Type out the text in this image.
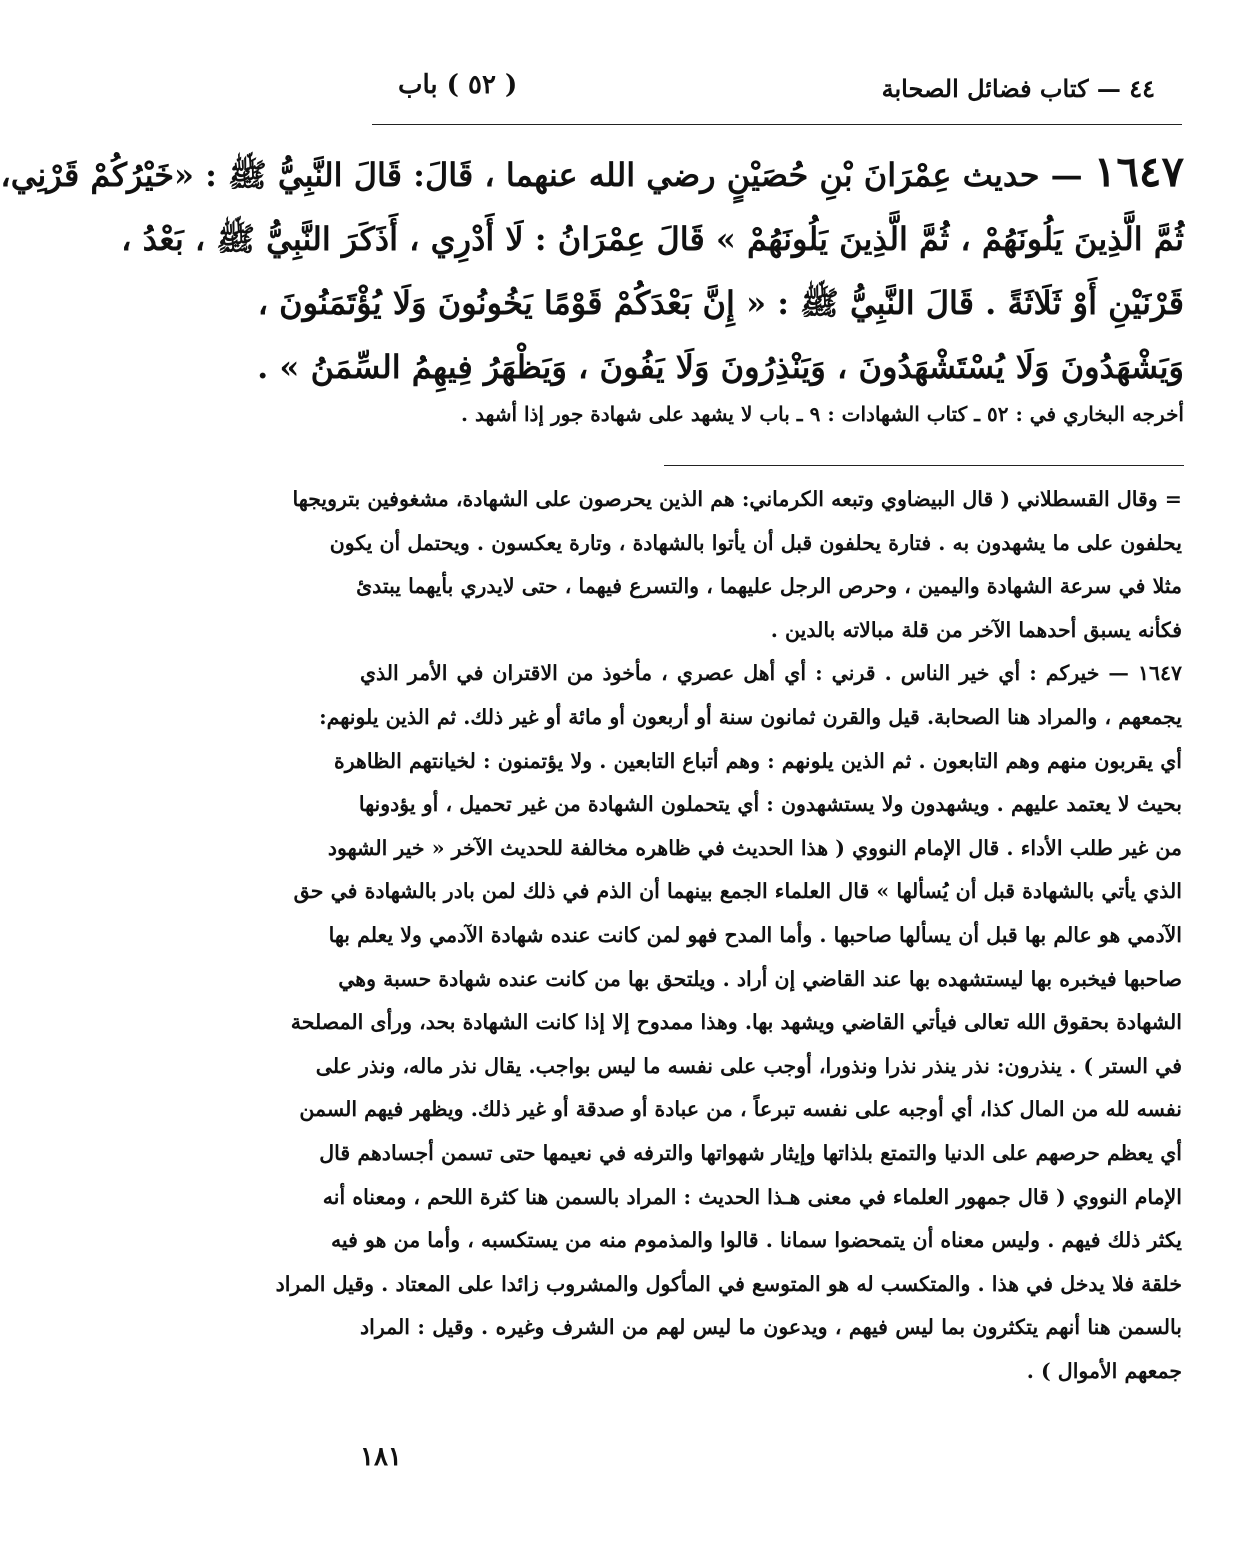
٤٤ — كتاب فضائل الصحابة
( ٥٢ ) باب
١٦٤٧ — حديث عِمْرَانَ بْنِ حُصَيْنٍ رضي الله عنهما ، قَالَ: قَالَ النَّبِيُّ ﷺ : «خَيْرُكُمْ قَرْنِي،
ثُمَّ الَّذِينَ يَلُونَهُمْ ، ثُمَّ الَّذِينَ يَلُونَهُمْ » قَالَ عِمْرَانُ : لَا أَدْرِي ، أَذَكَرَ النَّبِيُّ ﷺ ، بَعْدُ ،
قَرْنَيْنِ أَوْ ثَلَاثَةً . قَالَ النَّبِيُّ ﷺ : « إِنَّ بَعْدَكُمْ قَوْمًا يَخُونُونَ وَلَا يُؤْتَمَنُونَ ،
وَيَشْهَدُونَ وَلَا يُسْتَشْهَدُونَ ، وَيَنْذِرُونَ وَلَا يَفُونَ ، وَيَظْهَرُ فِيهِمُ السِّمَنُ » .
أخرجه البخاري في : ٥٢ ـ كتاب الشهادات : ٩ ـ باب لا يشهد على شهادة جور إذا أشهد .
= وقال القسطلاني ( قال البيضاوي وتبعه الكرماني: هم الذين يحرصون على الشهادة، مشغوفين بترويجها
يحلفون على ما يشهدون به . فتارة يحلفون قبل أن يأتوا بالشهادة ، وتارة يعكسون . ويحتمل أن يكون
مثلا في سرعة الشهادة واليمين ، وحرص الرجل عليهما ، والتسرع فيهما ، حتى لايدري بأيهما يبتدئ
فكأنه يسبق أحدهما الآخر من قلة مبالاته بالدين .
١٦٤٧ — خيركم : أي خير الناس . قرني : أي أهل عصري ، مأخوذ من الاقتران في الأمر الذي
يجمعهم ، والمراد هنا الصحابة. قيل والقرن ثمانون سنة أو أربعون أو مائة أو غير ذلك. ثم الذين يلونهم:
أي يقربون منهم وهم التابعون . ثم الذين يلونهم : وهم أتباع التابعين . ولا يؤتمنون : لخيانتهم الظاهرة
بحيث لا يعتمد عليهم . ويشهدون ولا يستشهدون : أي يتحملون الشهادة من غير تحميل ، أو يؤدونها
من غير طلب الأداء . قال الإمام النووي ( هذا الحديث في ظاهره مخالفة للحديث الآخر « خير الشهود
الذي يأتي بالشهادة قبل أن يُسألها » قال العلماء الجمع بينهما أن الذم في ذلك لمن بادر بالشهادة في حق
الآدمي هو عالم بها قبل أن يسألها صاحبها . وأما المدح فهو لمن كانت عنده شهادة الآدمي ولا يعلم بها
صاحبها فيخبره بها ليستشهده بها عند القاضي إن أراد . ويلتحق بها من كانت عنده شهادة حسبة وهي
الشهادة بحقوق الله تعالى فيأتي القاضي ويشهد بها. وهذا ممدوح إلا إذا كانت الشهادة بحد، ورأى المصلحة
في الستر ) . ينذرون: نذر ينذر نذرا ونذورا، أوجب على نفسه ما ليس بواجب. يقال نذر ماله، ونذر على
نفسه لله من المال كذا، أي أوجبه على نفسه تبرعاً ، من عبادة أو صدقة أو غير ذلك. ويظهر فيهم السمن
أي يعظم حرصهم على الدنيا والتمتع بلذاتها وإيثار شهواتها والترفه في نعيمها حتى تسمن أجسادهم قال
الإمام النووي ( قال جمهور العلماء في معنى هـذا الحديث : المراد بالسمن هنا كثرة اللحم ، ومعناه أنه
يكثر ذلك فيهم . وليس معناه أن يتمحضوا سمانا . قالوا والمذموم منه من يستكسبه ، وأما من هو فيه
خلقة فلا يدخل في هذا . والمتكسب له هو المتوسع في المأكول والمشروب زائدا على المعتاد . وقيل المراد
بالسمن هنا أنهم يتكثرون بما ليس فيهم ، ويدعون ما ليس لهم من الشرف وغيره . وقيل : المراد
جمعهم الأموال ) .
١٨١
